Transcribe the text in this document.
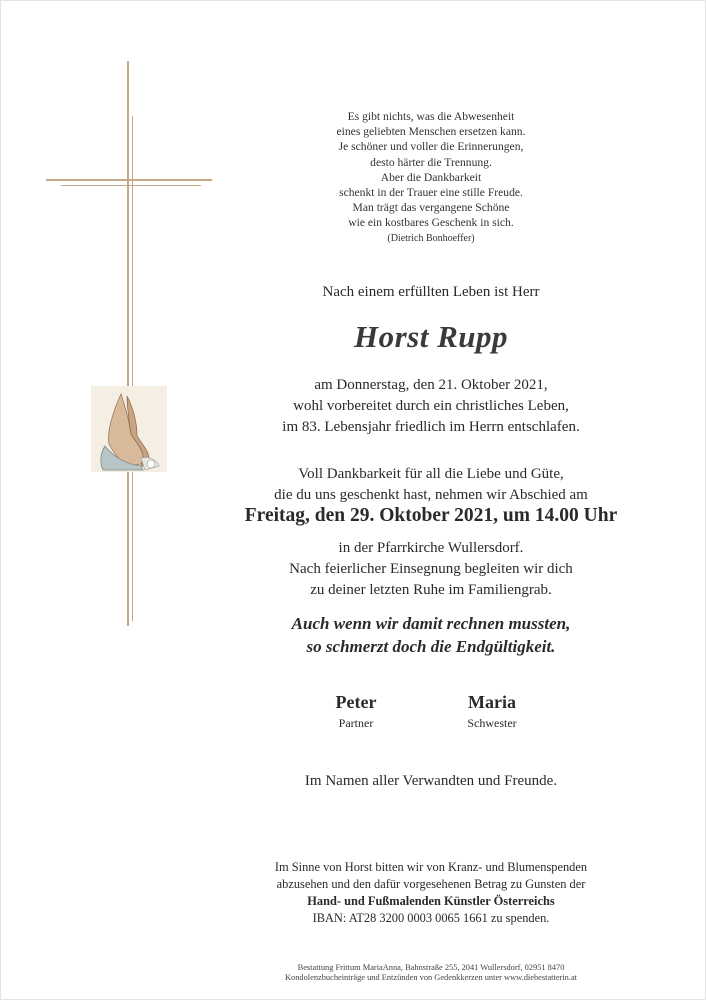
Es gibt nichts, was die Abwesenheit
eines geliebten Menschen ersetzen kann.
Je schöner und voller die Erinnerungen,
desto härter die Trennung.
Aber die Dankbarkeit
schenkt in der Trauer eine stille Freude.
Man trägt das vergangene Schöne
wie ein kostbares Geschenk in sich.
(Dietrich Bonhoeffer)
Nach einem erfüllten Leben ist Herr
Horst Rupp
am Donnerstag, den 21. Oktober 2021,
wohl vorbereitet durch ein christliches Leben,
im 83. Lebensjahr friedlich im Herrn entschlafen.
Voll Dankbarkeit für all die Liebe und Güte,
die du uns geschenkt hast, nehmen wir Abschied am
Freitag, den 29. Oktober 2021, um 14.00 Uhr
in der Pfarrkirche Wullersdorf.
Nach feierlicher Einsegnung begleiten wir dich
zu deiner letzten Ruhe im Familiengrab.
Auch wenn wir damit rechnen mussten,
so schmerzt doch die Endgültigkeit.
Peter
Partner
Maria
Schwester
Im Namen aller Verwandten und Freunde.
Im Sinne von Horst bitten wir von Kranz- und Blumenspenden
abzusehen und den dafür vorgesehenen Betrag zu Gunsten der
Hand- und Fußmalenden Künstler Österreichs
IBAN: AT28 3200 0003 0065 1661 zu spenden.
Bestattung Frittum MariaAnna, Bahnstraße 255, 2041 Wullersdorf, 02951 8470
Kondolenzbucheinträge und Entzünden von Gedenkkerzen unter www.diebestatterin.at
